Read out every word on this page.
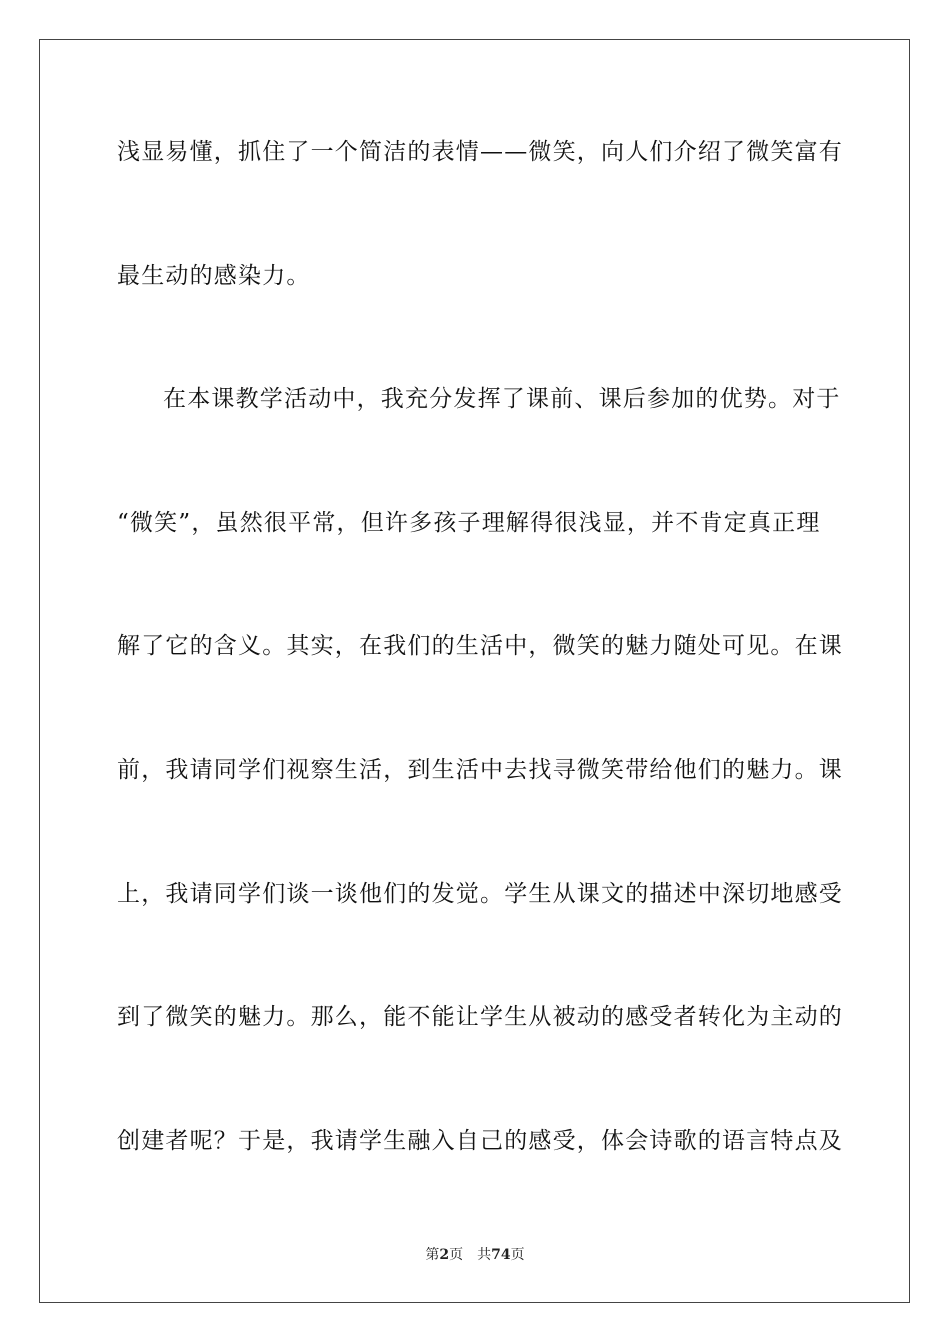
浅显易懂，抓住了一个简洁的表情——微笑，向人们介绍了微笑富有
最生动的感染力。
在本课教学活动中，我充分发挥了课前、课后参加的优势。对于
“微笑”，虽然很平常，但许多孩子理解得很浅显，并不肯定真正理
解了它的含义。其实，在我们的生活中，微笑的魅力随处可见。在课
前，我请同学们视察生活，到生活中去找寻微笑带给他们的魅力。课
上，我请同学们谈一谈他们的发觉。学生从课文的描述中深切地感受
到了微笑的魅力。那么，能不能让学生从被动的感受者转化为主动的
创建者呢？于是，我请学生融入自己的感受，体会诗歌的语言特点及
第2页 共74页
